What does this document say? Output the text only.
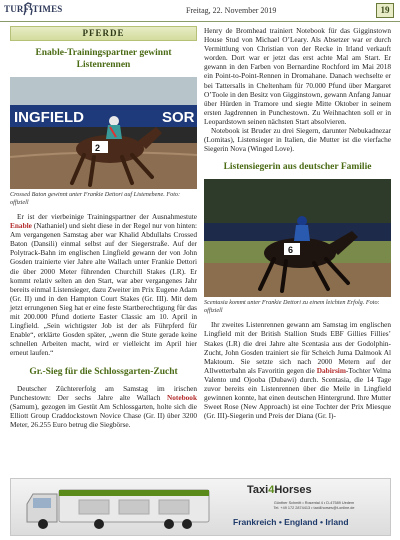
TURF-TIMES	Freitag, 22. November 2019	19
PFERDE
Enable-Trainingspartner gewinnt Listenrennen
INGFIELD	SOR
2
Crossed Baton gewinnt unter Frankie Dettori auf Listenebene. Foto: offiziell

Er ist der vierbeinige Trainingspartner der Ausnahmestute Enable (Nathaniel) und sieht diese in der Regel nur von hinten: Am vergangenen Samstag aber war Khalid Abdullahs Crossed Baton (Dansili) einmal selbst auf der Siegerstraße. Auf der Polytrack-Bahn im englischen Lingfield gewann der von John Gosden trainierte vier Jahre alte Wallach unter Frankie Dettori die über 2000 Meter führenden Churchill Stakes (LR). Er kommt relativ selten an den Start, war aber vergangenes Jahr bereits einmal Listensieger, dazu Zweiter im Prix Eugene Adam (Gr. II) und in den Hampton Court Stakes (Gr. III). Mit dem jetzt errungenen Sieg hat er eine feste Startberechtigung für das mit 200.000 Pfund dotierte Easter Classic am 10. April in Lingfield. „Sein wichtigster Job ist der als Führpferd für Enable“, erklärte Gosden später, „wenn die Stute gerade keine schnellen Arbeiten macht, wird er vielleicht im April hier erneut laufen.“

Gr.-Sieg für die Schlossgarten-Zucht

Deutscher Züchtererfolg am Samstag im irischen Punchestown: Der sechs Jahre alte Wallach Notebook (Samum), gezogen im Gestüt Am Schlossgarten, holte sich die Elliott Group Craddockstown Novice Chase (Gr. II) über 3200 Meter, 26.255 Euro betrug die Siegbörse.

Henry de Bromhead trainiert Notebook für das Gigginstown House Stud von Michael O’Leary. Als Absetzer war er durch Vermittlung von Christian von der Recke in Irland verkauft worden. Dort war er jetzt das erst achte Mal am Start. Er gewann in den Farben von Bernardine Rochford im Mai 2018 ein Point-to-Point-Rennen in Dromahane. Danach wechselte er bei Tattersalls in Cheltenham für 70.000 Pfund über Margaret O’Toole in den Besitz von Gigginstown, gewann Anfang Januar über Hürden in Tramore und siegte Mitte Oktober in seinem ersten Jagdrennen in Punchestown. Zu Weihnachten soll er in Leopardstown seinen nächsten Start absolvieren.

Notebook ist Bruder zu drei Siegern, darunter Nebukadnezar (Lomitas), Listensieger in Italien, die Mutter ist die vierfache Siegerin Nova (Winged Love).

Listensiegerin aus deutscher Familie
6
Scentasia kommt unter Frankie Dettori zu einem leichten Erfolg. Foto: offiziell

Ihr zweites Listenrennen gewann am Samstag im englischen Lingfield mit der British Stallion Studs EBF Gillies Fillies’ Stakes (LR) die drei Jahre alte Scentasia aus der Godolphin-Zucht, John Gosden trainiert sie für Scheich Juma Dalmook Al Maktoum. Sie setzte sich nach 2000 Metern auf der Allwetterbahn als Favoritin gegen die Dabirsim-Tochter Velma Valento und Ojooba (Dubawi) durch. Scentasia, die 14 Tage zuvor bereits ein Listenrennen über die Meile in Lingfield gewinnen konnte, hat einen deutschen Hintergrund. Ihre Mutter Sweet Rose (New Approach) ist eine Tochter der Prix Miesque (Gr. III)-Siegerin und Preis der Diana (Gr. I)-

Taxi4Horses
Günther Schmitt • Rosental 4 • D-47589 Uedem
Tel. +49 172 2874413 • taxi4horses@t-online.de
Frankreich • England • Irland
